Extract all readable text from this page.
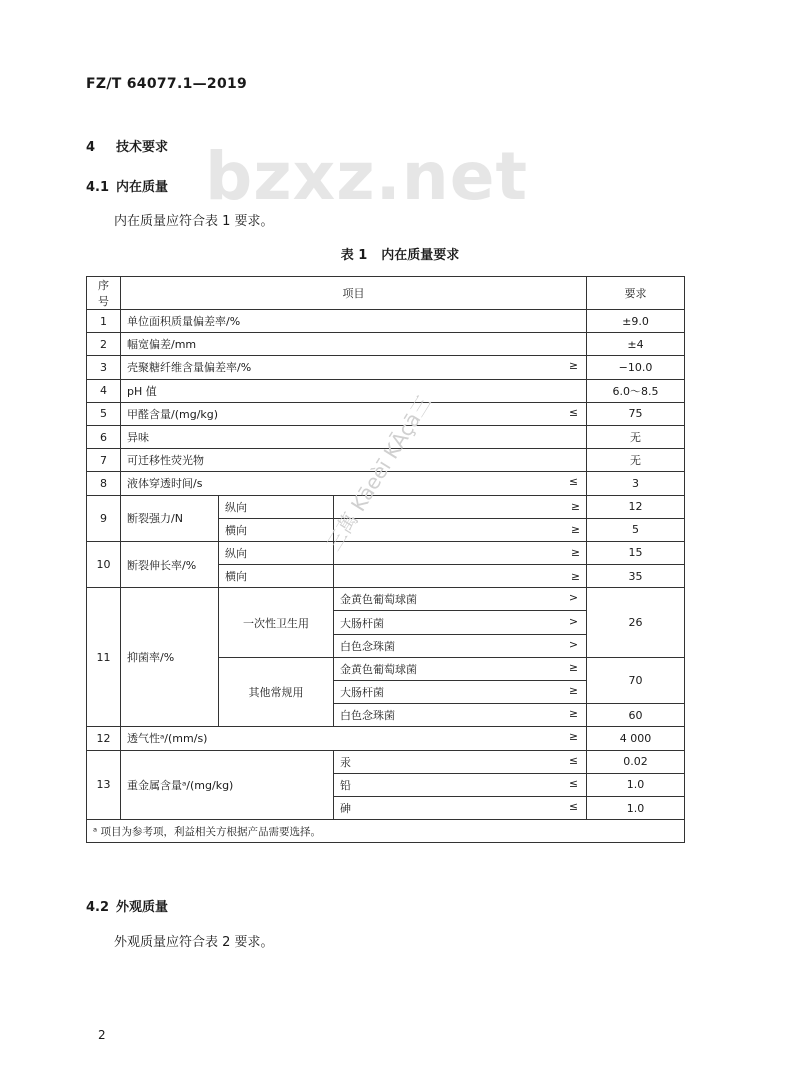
FZ/T 64077.1—2019
bzxz.net
4 技术要求
4.1 内在质量
内在质量应符合表 1 要求。
表 1 内在质量要求
序号	项目			要求
1	单位面积质量偏差率/%			±9.0
2	幅宽偏差/mm			±4
3	壳聚糖纤维含量偏差率/% ≥			−10.0
4	pH 值			6.0～8.5
5	甲醛含量/(mg/kg) ≤			75
6	异味			无
7	可迁移性荧光物			无
8	液体穿透时间/s ≤			3
9	断裂强力/N	纵向	≥	12
		横向	≥	5
10	断裂伸长率/%	纵向	≥	15
		横向	≥	35
11	抑菌率/%	一次性卫生用	金黄色葡萄球菌 >	26
			大肠杆菌 >	

			白色念珠菌 >	

		其他常规用	金黄色葡萄球菌 ≥	70
			大肠杆菌 ≥	

			白色念珠菌 ≥	60
12	透气性ᵃ/(mm/s) ≥			4 000
13	重金属含量ᵃ/(mg/kg)		汞 ≤	0.02
			铅 ≤	1.0
			砷 ≤	1.0
ᵃ 项目为参考项，利益相关方根据产品需要选择。				
三萬 Kāeèī KĀçā三
4.2 外观质量
外观质量应符合表 2 要求。
2
